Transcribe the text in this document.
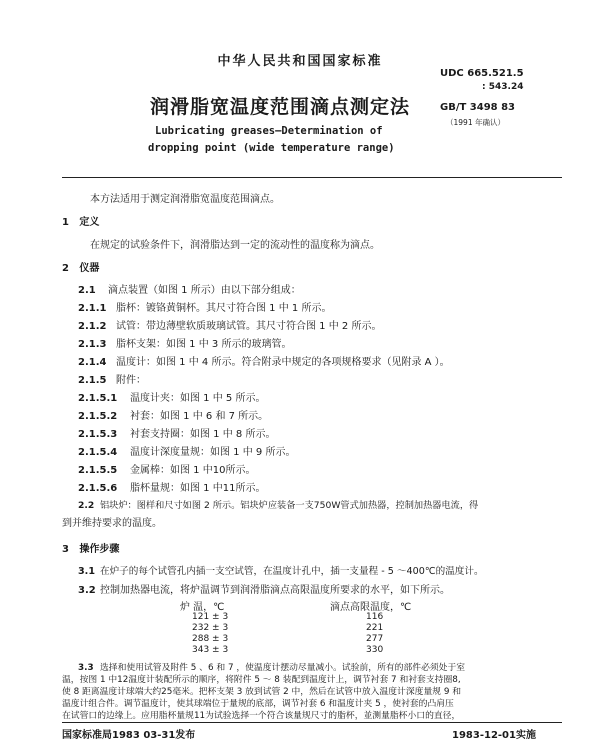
中华人民共和国国家标准
UDC 665.521.5
: 543.24
润滑脂宽温度范围滴点测定法	GB/T 3498 83
（1991 年确认）
Lubricating greases—Determination of
dropping point (wide temperature range)
本方法适用于测定润滑脂宽温度范围滴点。
1 定义
在规定的试验条件下，润滑脂达到一定的流动性的温度称为滴点。
2 仪器
2.1 滴点装置（如图 1 所示）由以下部分组成：
2.1.1 脂杯：镀铬黄铜杯。其尺寸符合图 1 中 1 所示。
2.1.2 试管：带边薄壁软质玻璃试管。其尺寸符合图 1 中 2 所示。
2.1.3 脂杯支架：如图 1 中 3 所示的玻璃管。
2.1.4 温度计：如图 1 中 4 所示。符合附录中规定的各项规格要求（见附录 A ）。
2.1.5 附件：
2.1.5.1 温度计夹：如图 1 中 5 所示。
2.1.5.2 衬套：如图 1 中 6 和 7 所示。
2.1.5.3 衬套支持圈：如图 1 中 8 所示。
2.1.5.4 温度计深度量规：如图 1 中 9 所示。
2.1.5.5 金属棒：如图 1 中10所示。
2.1.5.6 脂杯量规：如图 1 中11所示。
2.2 铝块炉：图样和尺寸如图 2 所示。铝块炉应装备一支750W管式加热器，控制加热器电流，得
到并维持要求的温度。
3 操作步骤
3.1 在炉子的每个试管孔内插一支空试管，在温度计孔中，插一支量程 - 5 ～400℃的温度计。
3.2 控制加热器电流，将炉温调节到润滑脂滴点高限温度所要求的水平，如下所示。
炉 温，℃	滴点高限温度，℃
121 ± 3	116
232 ± 3	221
288 ± 3	277
343 ± 3	330
3.3 选择和使用试管及附件 5 、6 和 7 ，使温度计摆动尽量减小。试验前，所有的部件必须处于室
温，按图 1 中12温度计装配所示的顺序，将附件 5 ～ 8 装配到温度计上，调节衬套 7 和衬套支持圈8,
使 8 距离温度计球端大约25毫米。把杯支架 3 放到试管 2 中，然后在试管中放入温度计深度量规 9 和
温度计组合件。调节温度计，使其球端位于量规的底部，调节衬套 6 和温度计夹 5 ，使衬套的凸肩压
在试管口的边缘上。应用脂杯量规11为试验选择一个符合该量规尺寸的脂杯，並测量脂杯小口的直径，
国家标准局1983 03-31发布	1983-12-01实施
